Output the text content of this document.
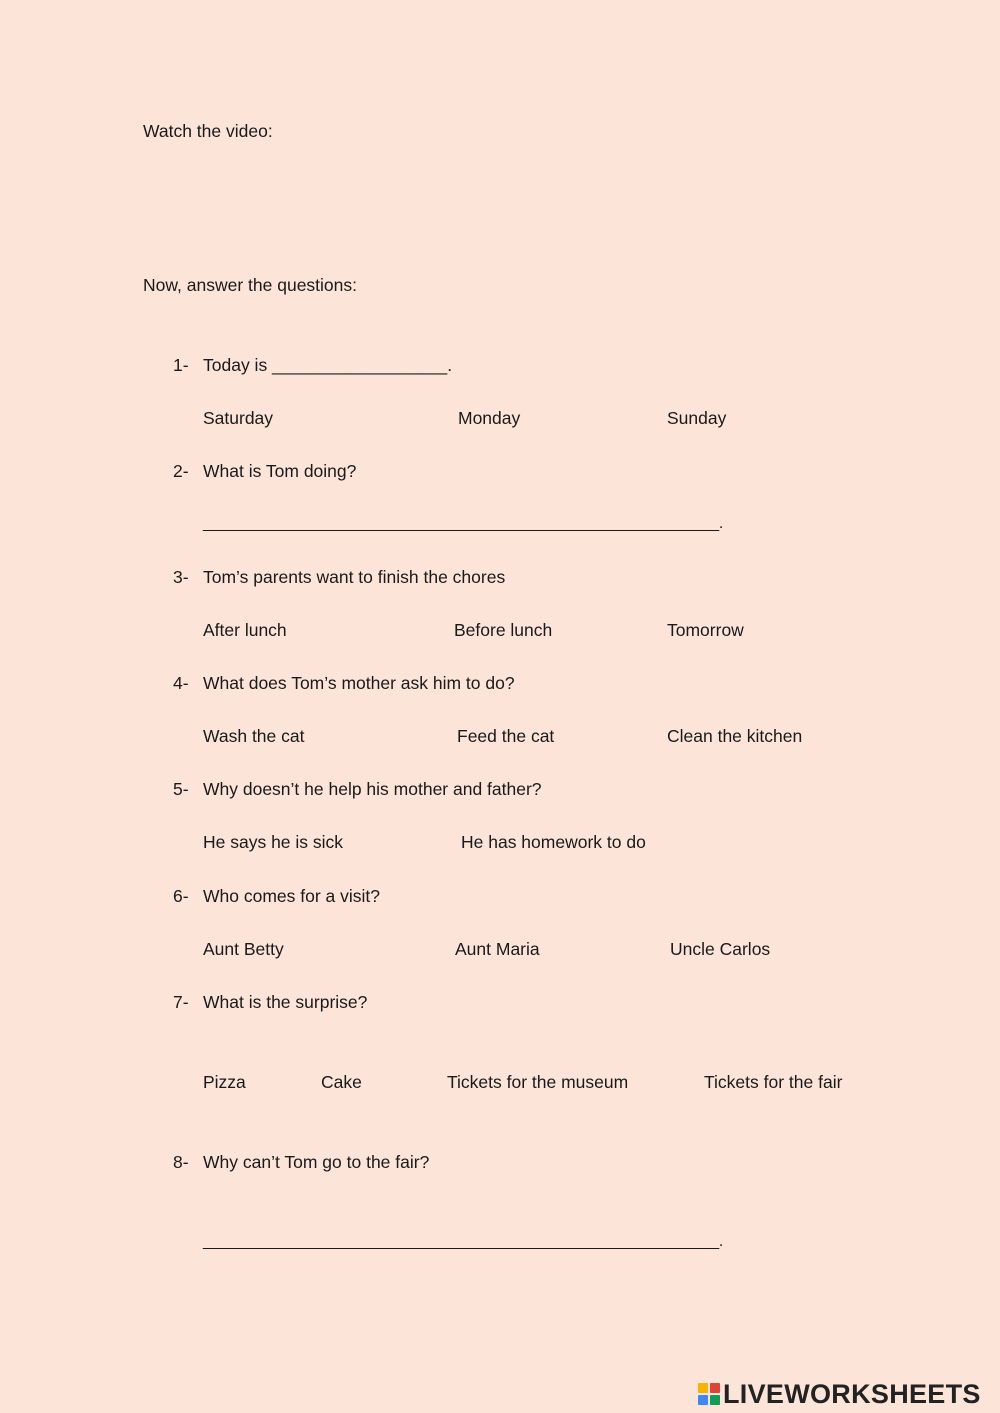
Watch the video:
Now, answer the questions:
1- Today is __________________.
Saturday	Monday	Sunday
2- What is Tom doing?
____________________________________________________________.
3- Tom’s parents want to finish the chores
After lunch	Before lunch	Tomorrow
4- What does Tom’s mother ask him to do?
Wash the cat	Feed the cat	Clean the kitchen
5- Why doesn’t he help his mother and father?
He says he is sick	He has homework to do
6- Who comes for a visit?
Aunt Betty	Aunt Maria	Uncle Carlos
7- What is the surprise?
Pizza	Cake	Tickets for the museum	Tickets for the fair
8- Why can’t Tom go to the fair?
____________________________________________________________.
LIVEWORKSHEETS
